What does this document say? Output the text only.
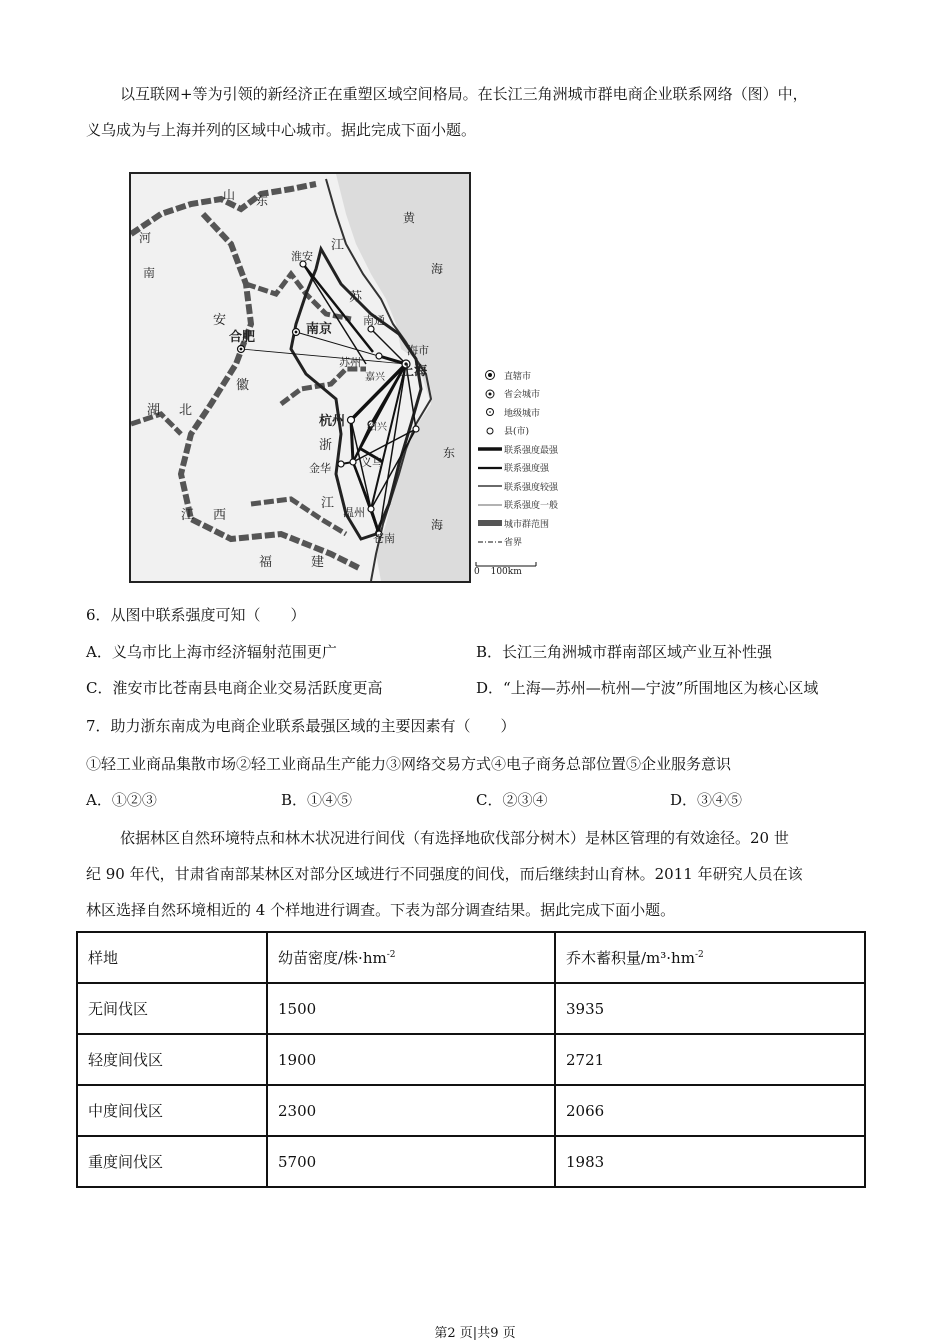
以互联网+等为引领的新经济正在重塑区域空间格局。在长江三角洲城市群电商企业联系网络（图）中，
义乌成为与上海并列的区域中心城市。据此完成下面小题。
山 东
河
南
安
徽
湖 北
江 西
福	建
江
苏
浙
江
黄
海
东
海
淮安
合肥
南京
南通
苏州
嘉兴 上海
海市
杭州 绍兴
金华	义乌
温州
苍南
直辖市
省会城市
地级城市
县(市)
联系强度最强
联系强度强
联系强度较强
联系强度一般
城市群范围
省界
0 100km
6．从图中联系强度可知（　　）
A．义乌市比上海市经济辐射范围更广	B．长江三角洲城市群南部区域产业互补性强
C．淮安市比苍南县电商企业交易活跃度更高	D．“上海—苏州—杭州—宁波”所围地区为核心区域
7．助力浙东南成为电商企业联系最强区域的主要因素有（　　）
①轻工业商品集散市场②轻工业商品生产能力③网络交易方式④电子商务总部位置⑤企业服务意识
A．①②③	B．①④⑤	C．②③④	D．③④⑤
依据林区自然环境特点和林木状况进行间伐（有选择地砍伐部分树木）是林区管理的有效途径。20 世
纪 90 年代，甘肃省南部某林区对部分区域进行不同强度的间伐，而后继续封山育林。2011 年研究人员在该
林区选择自然环境相近的 4 个样地进行调查。下表为部分调查结果。据此完成下面小题。
样地	幼苗密度/株$\cdot hm^{-2}$	乔木蓄积量$/m^3\cdot hm^{-2}$
无间伐区	1500	3935
轻度间伐区	1900	2721
中度间伐区	2300	2066
重度间伐区	5700	1983
第2 页|共9 页
